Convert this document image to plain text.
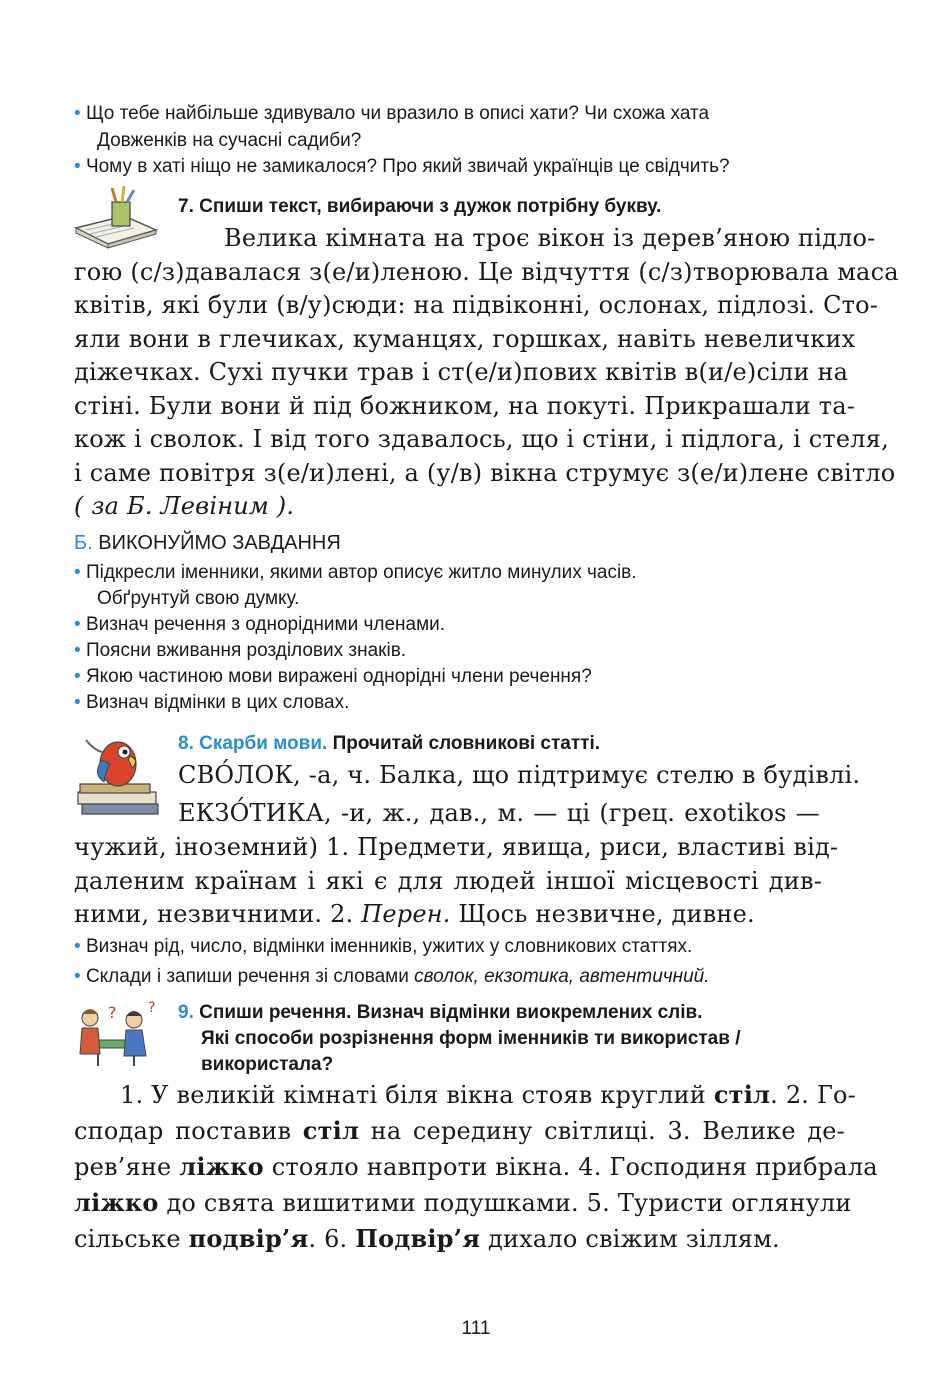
• Що тебе найбільше здивувало чи вразило в описі хати? Чи схожа хата
Довженків на сучасні садиби?
• Чому в хаті ніщо не замикалося? Про який звичай українців це свідчить?
7. Спиши текст, вибираючи з дужок потрібну букву.
Велика кімната на троє вікон із дерев’яною підло-
гою (с/з)давалася з(е/и)леною. Це відчуття (с/з)творювала маса
квітів, які були (в/у)сюди: на підвіконні, ослонах, підлозі. Сто-
яли вони в глечиках, куманцях, горшках, навіть невеличких
діжечках. Сухі пучки трав і ст(е/и)пових квітів в(и/е)сіли на
стіні. Були вони й під божником, на покуті. Прикрашали та-
кож і сволок. І від того здавалось, що і стіни, і підлога, і стеля,
і саме повітря з(е/и)лені, а (у/в) вікна струмує з(е/и)лене світло
( за Б. Левіним ).
Б. ВИКОНУЙМО ЗАВДАННЯ
• Підкресли іменники, якими автор описує житло минулих часів.
Обґрунтуй свою думку.
• Визнач речення з однорідними членами.
• Поясни вживання розділових знаків.
• Якою частиною мови виражені однорідні члени речення?
• Визнач відмінки в цих словах.
8. Скарби мови. Прочитай словникові статті.
СВО́ЛОК, -а, ч. Балка, що підтримує стелю в будівлі.
ЕКЗО́ТИКА, -и, ж., дав., м. — ці (грец. exotikos —
чужий, іноземний) 1. Предмети, явища, риси, властиві від-
даленим країнам і які є для людей іншої місцевості див-
ними, незвичними. 2. Перен. Щось незвичне, дивне.
• Визнач рід, число, відмінки іменників, ужитих у словникових статтях.
• Склади і запиши речення зі словами сволок, екзотика, автентичний.
? ? 9. Спиши речення. Визнач відмінки виокремлених слів.
Які способи розрізнення форм іменників ти використав /
використала?
1. У великій кімнаті біля вікна стояв круглий стіл. 2. Го-
сподар поставив стіл на середину світлиці. 3. Велике де-
рев’яне ліжко стояло навпроти вікна. 4. Господиня прибрала
ліжко до свята вишитими подушками. 5. Туристи оглянули
сільське подвір’я. 6. Подвір’я дихало свіжим зіллям.
111
